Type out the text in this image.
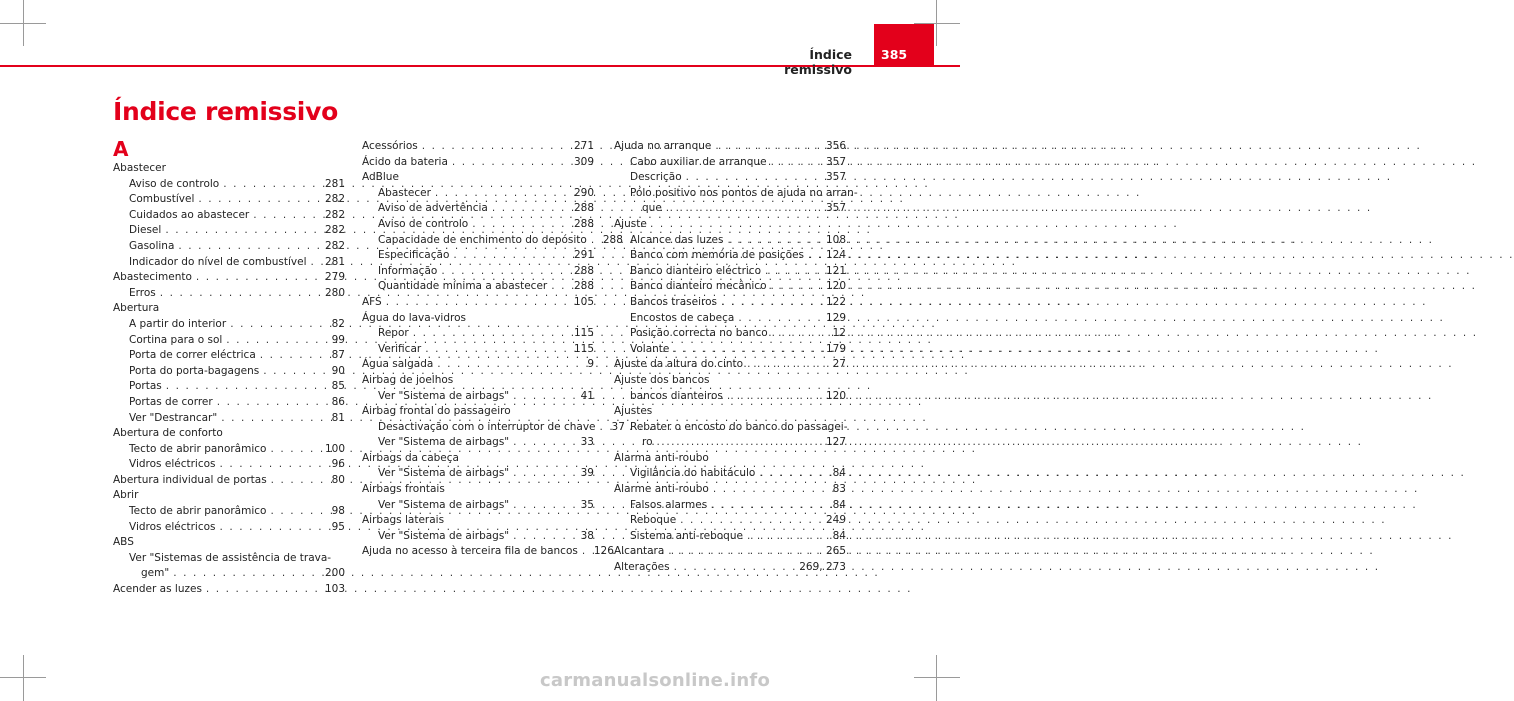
Índice remissivo
385
Índice remissivo
A
Abastecer
Aviso de controlo . . .	281
Combustível . . .	282
Cuidados ao abastecer . . .	282
Diesel . . .	282
Gasolina . . .	282
Indicador do nível de combustível . . . 281
Abastecimento . . .	279
Erros . . .	280
Abertura
A partir do interior . . .	82
Cortina para o sol . . .	99
Porta de correr eléctrica . . .	87
Porta do porta-bagagens . . .	90
Portas . . .	85
Portas de correr . . .	86
Ver "Destrancar" . . .	81
Abertura de conforto
Tecto de abrir panorâmico . . .	100
Vidros eléctricos . . .	96
Abertura individual de portas . . .	80
Abrir
Tecto de abrir panorâmico . . .	98
Vidros eléctricos . . .	95
ABS
Ver "Sistemas de assistência de trava-
gem" . . .	200
Acender as luzes . . .	103
Acessórios . . .	271
Ácido da bateria . . .	309
AdBlue
Abastecer . . .	290
Aviso de advertência . . .	288
Aviso de controlo . . .	288
Capacidade de enchimento do depósito . . . 288
Especificação . . .	291
Informação . . .	288
Quantidade mínima a abastecer . . .	288
AFS . . .	105
Água do lava-vidros
Repor . . .	115
Verificar . . .	115
Água salgada . . .	9
Airbag de joelhos
Ver "Sistema de airbags" . . .	41
Airbag frontal do passageiro
Desactivação com o interruptor de chave . . . 37
Ver "Sistema de airbags" . . .	33
Airbags da cabeça
Ver "Sistema de airbags" . . .	39
Airbags frontais
Ver "Sistema de airbags" . . .	35
Airbags laterais
Ver "Sistema de airbags" . . .	38
Ajuda no acesso à terceira fila de bancos . . . 126
Ajuda no arranque . . .	356
Cabo auxiliar de arranque . . .	357
Descrição . . .	357
Pólo positivo nos pontos de ajuda no arran-
que . . .	357
Ajuste
Alcance das luzes . . .	108
Banco com memória de posições . . . 124
Banco dianteiro eléctrico . . .	121
Banco dianteiro mecânico . . .	120
Bancos traseiros . . .	122
Encostos de cabeça . . .	129
Posição correcta no banco . . .	12
Volante . . .	179
Ajuste da altura do cinto . . .	27
Ajuste dos bancos
bancos dianteiros . . .	120
Ajustes
Rebater o encosto do banco do passagei-
ro . . .	127
Alarma anti-roubo
Vigilância do habitáculo . . .	84
Alarme anti-roubo . . .	83
Falsos alarmes . . .	84
Reboque . . .	249
Sistema anti-reboque . . .	84
Alcantara . . .	265
Alterações . . .	269, 273
carmanualsonline.info
